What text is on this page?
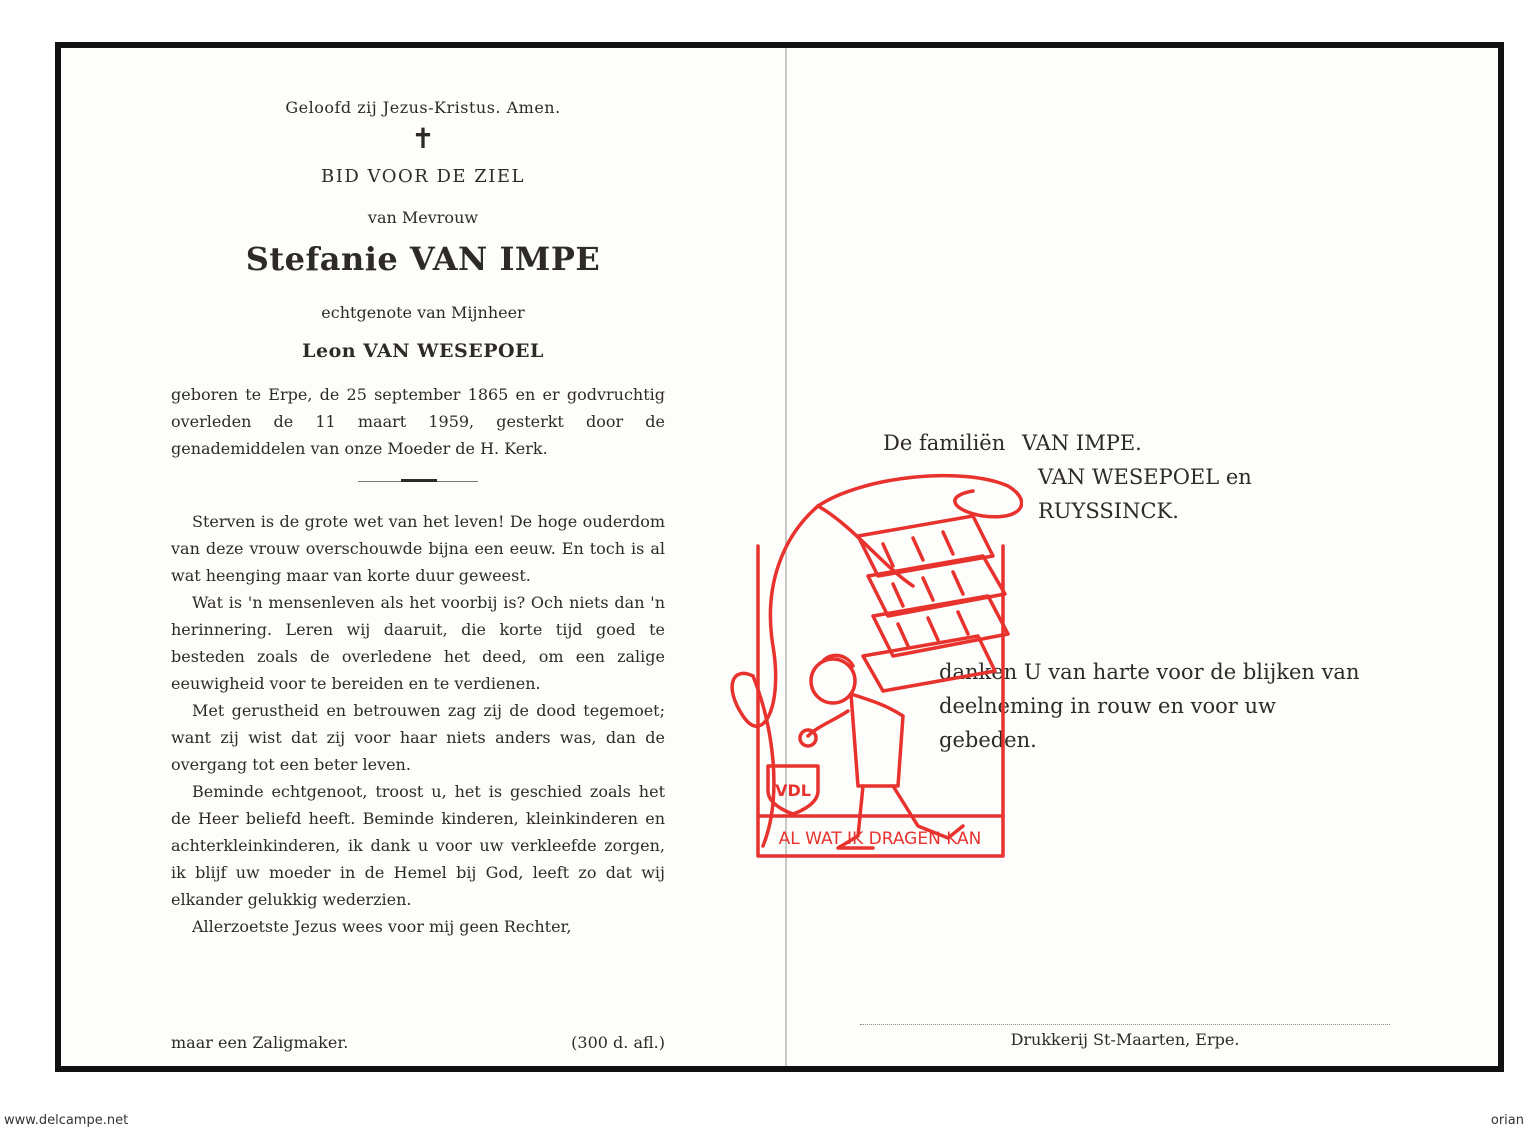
Geloofd zij Jezus-Kristus. Amen.
✝
BID VOOR DE ZIEL
van Mevrouw
Stefanie VAN IMPE
echtgenote van Mijnheer
Leon VAN WESEPOEL

geboren te Erpe, de 25 september 1865 en er godvruchtig overleden de 11 maart 1959, gesterkt door de genademiddelen van onze Moeder de H. Kerk.

Sterven is de grote wet van het leven! De hoge ouderdom van deze vrouw overschouwde bijna een eeuw. En toch is al wat heenging maar van korte duur geweest.

Wat is 'n mensenleven als het voorbij is? Och niets dan 'n herinnering. Leren wij daaruit, die korte tijd goed te besteden zoals de overledene het deed, om een zalige eeuwigheid voor te bereiden en te verdienen.

Met gerustheid en betrouwen zag zij de dood tegemoet; want zij wist dat zij voor haar niets anders was, dan de overgang tot een beter leven.

Beminde echtgenoot, troost u, het is geschied zoals het de Heer beliefd heeft. Beminde kinderen, kleinkinderen en achterkleinkinderen, ik dank u voor uw verkleefde zorgen, ik blijf uw moeder in de Hemel bij God, leeft zo dat wij elkander gelukkig wederzien.

Allerzoetste Jezus wees voor mij geen Rechter,

maar een Zaligmaker.	(300 d. afl.)
De familiën VAN IMPE.
VAN WESEPOEL en
RUYSSINCK.
danken U van harte voor de blijken van deelneming in rouw en voor uw gebeden.
Drukkerij St-Maarten, Erpe.
VDL
AL WAT IK DRAGEN KAN
www.delcampe.net	orian
